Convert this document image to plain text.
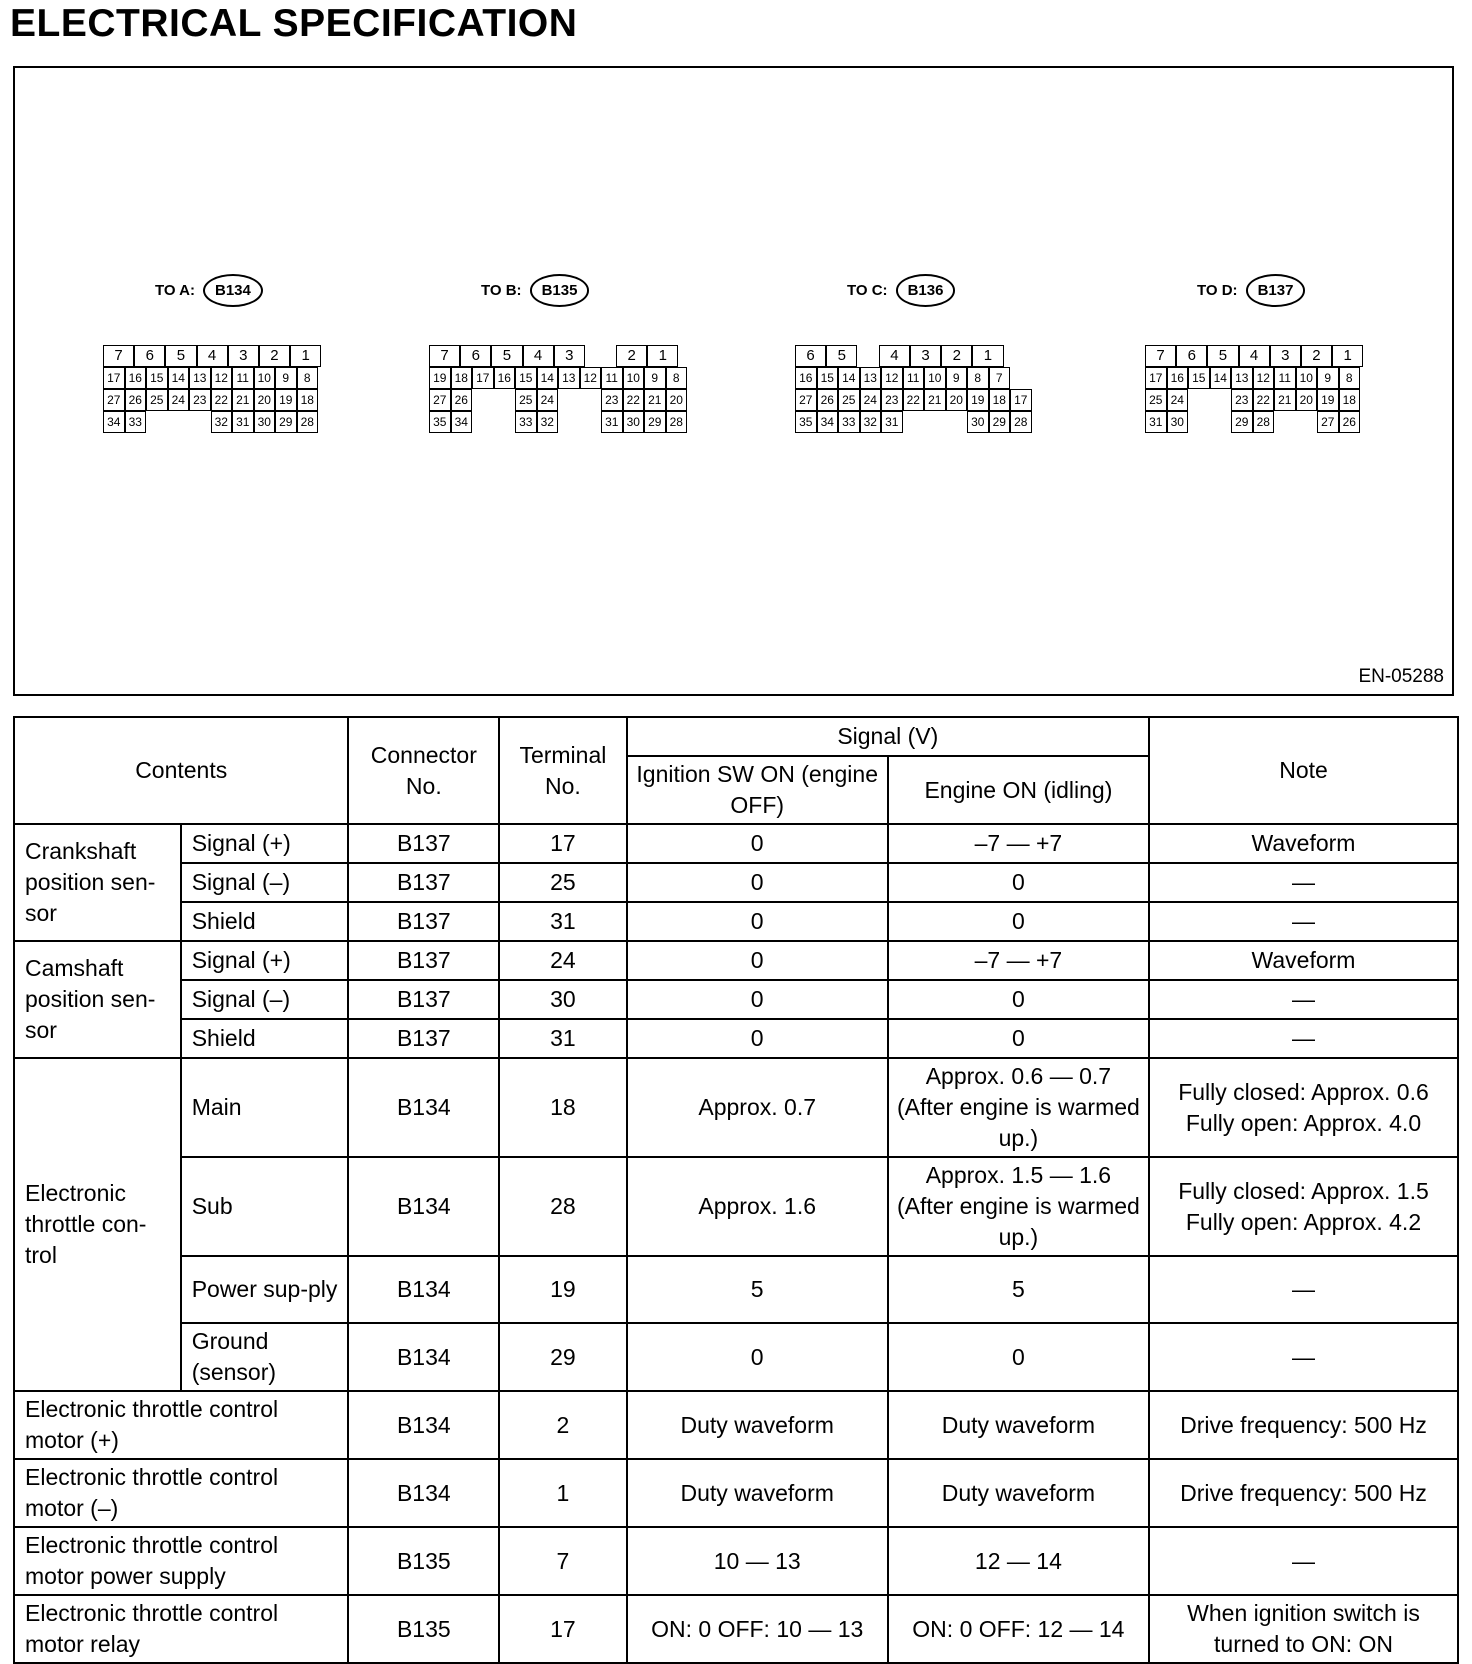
ELECTRICAL SPECIFICATION
TO A: B134
7	6	5	4	3	2	1
17 16 15 14 13 12 11 10 9	8
27 26 25 24 23 22 21 20 19 18
34 33	32 31 30 29 28
TO B: B135
7	6	5	4	3	2	1
19 18 17 16 15 14 13 12 11 10 9	8
27 26	25 24	23 22 21 20
35 34	33 32	31 30 29 28
TO C: B136
6	5	4	3	2	1
16 15 14 13 12 11 10 9	8	7
27 26 25 24 23 22 21 20 19 18 17
35 34 33 32 31	30 29 28
TO D: B137
7	6	5	4	3	2	1
17 16 15 14 13 12 11 10 9	8
25 24	23 22 21 20 19 18
31 30	29 28	27 26
EN-05288
Contents		Connector No.	Terminal No.	Signal (V)		Note
				Ignition SW ON (engine OFF)	Engine ON (idling)	
Crankshaft position sen-sor	Signal (+)	B137	17	0	–7 — +7	Waveform
	Signal (–)	B137	25	0	0	—
	Shield	B137	31	0	0	—
Camshaft position sen-sor	Signal (+)	B137	24	0	–7 — +7	Waveform
	Signal (–)	B137	30	0	0	—
	Shield	B137	31	0	0	—
Electronic throttle con-trol	Main	B134	18	Approx. 0.7	Approx. 0.6 — 0.7 (After engine is warmed up.)	Fully closed: Approx. 0.6 Fully open: Approx. 4.0
	Sub	B134	28	Approx. 1.6	Approx. 1.5 — 1.6 (After engine is warmed up.)	Fully closed: Approx. 1.5 Fully open: Approx. 4.2
	Power sup-ply	B134	19	5	5	—
	Ground (sensor)	B134	29	0	0	—
Electronic throttle control motor (+)		B134	2	Duty waveform	Duty waveform	Drive frequency: 500 Hz
Electronic throttle control motor (–)		B134	1	Duty waveform	Duty waveform	Drive frequency: 500 Hz
Electronic throttle control motor power supply		B135	7	10 — 13	12 — 14	—
Electronic throttle control motor relay		B135	17	ON: 0 OFF: 10 — 13	ON: 0 OFF: 12 — 14	When ignition switch is turned to ON: ON
